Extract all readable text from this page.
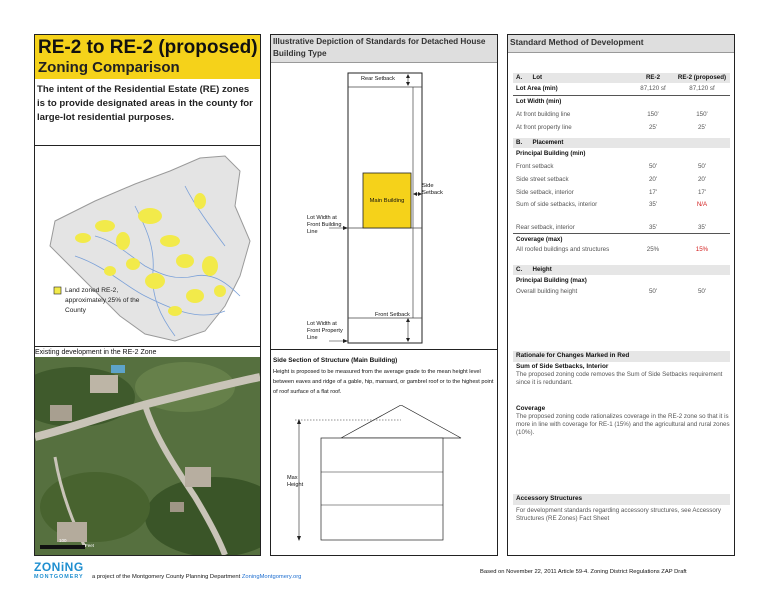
RE-2 to RE-2 (proposed)
Zoning Comparison
The intent of the Residential Estate (RE) zones is to provide designated areas in the county for large-lot residential purposes.
Land zoned RE-2, approximately 25% of the County
Existing development in the RE-2 Zone
100
Feet
Illustrative Depiction of Standards for Detached House Building Type
Rear Setback
Side Setback
Main Building
Lot Width at Front Building Line
Lot Width at Front Property Line
Front Setback
Side Section of Structure (Main Building)
Height is proposed to be measured from the average grade to the mean height level between eaves and ridge of a gable, hip, mansard, or gambrel roof or to the highest point of roof surface of a flat roof.
Max Height
Standard Method of Development
A.      Lot	RE-2	RE-2 (proposed)
Lot Area (min)	87,120 sf	87,120 sf
Lot Width (min)
At front building line	150'	150'
At front property line	25'	25'
B.      Placement
Principal Building (min)
Front setback	50'	50'
Side street setback	20'	20'
Side setback, interior	17'	17'
Sum of side setbacks, interior	35'	N/A
Rear setback, interior	35'	35'
Coverage (max)
All roofed buildings and structures	25%	15%
C.      Height
Principal Building (max)
Overall building height	50'	50'
Rationale for Changes Marked in Red
Sum of Side Setbacks, Interior
The proposed zoning code removes the Sum of Side Setbacks requirement since it is redundant.
Coverage
The proposed zoning code rationalizes coverage in the RE-2 zone so that it is more in line with coverage for RE-1 (15%) and the agricultural and rural zones (10%).
Accessory Structures
For development standards regarding accessory structures, see Accessory Structures (RE Zones) Fact Sheet
ZONiNG
MONTGOMERY a project of the Montgomery County Planning Department ZoningMontgomery.org
Based on November 22, 2011 Article 59-4. Zoning District Regulations ZAP Draft
